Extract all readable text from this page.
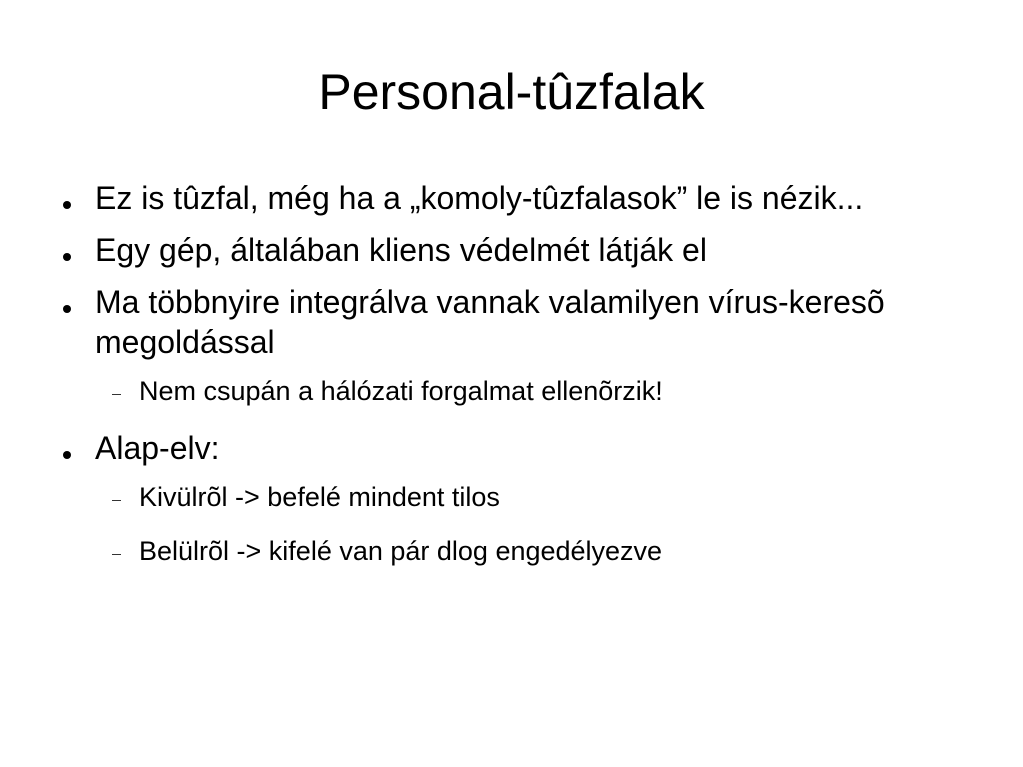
Personal-tûzfalak
Ez is tûzfal, még ha a „komoly-tûzfalasok” le is nézik...
Egy gép, általában kliens védelmét látják el
Ma többnyire integrálva vannak valamilyen vírus-keresõ megoldással
Nem csupán a hálózati forgalmat ellenõrzik!
Alap-elv:
Kivülrõl -> befelé mindent tilos
Belülrõl -> kifelé van pár dlog engedélyezve
